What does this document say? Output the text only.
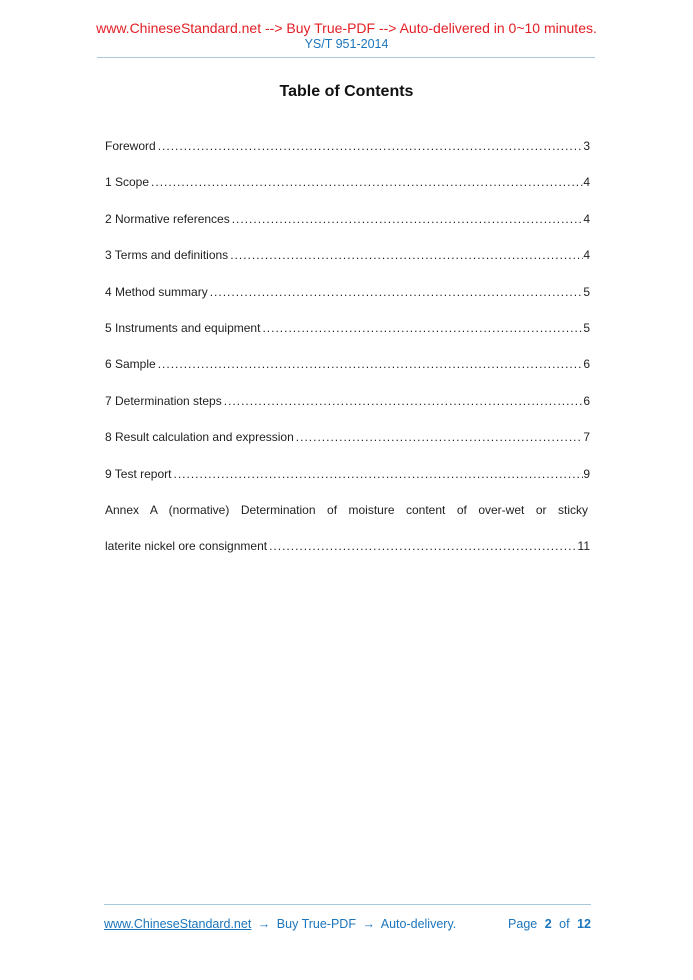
www.ChineseStandard.net --> Buy True-PDF --> Auto-delivered in 0~10 minutes.
YS/T 951-2014
Table of Contents
Foreword .....	3
1 Scope .....	4
2 Normative references .....	4
3 Terms and definitions .....	4
4 Method summary .....	5
5 Instruments and equipment .....	5
6 Sample .....	6
7 Determination steps .....	6
8 Result calculation and expression .....	7
9 Test report .....	9
Annex A (normative) Determination of moisture content of over-wet or sticky
laterite nickel ore consignment .....	11
www.ChineseStandard.net → Buy True-PDF → Auto-delivery.	Page 2 of 12
